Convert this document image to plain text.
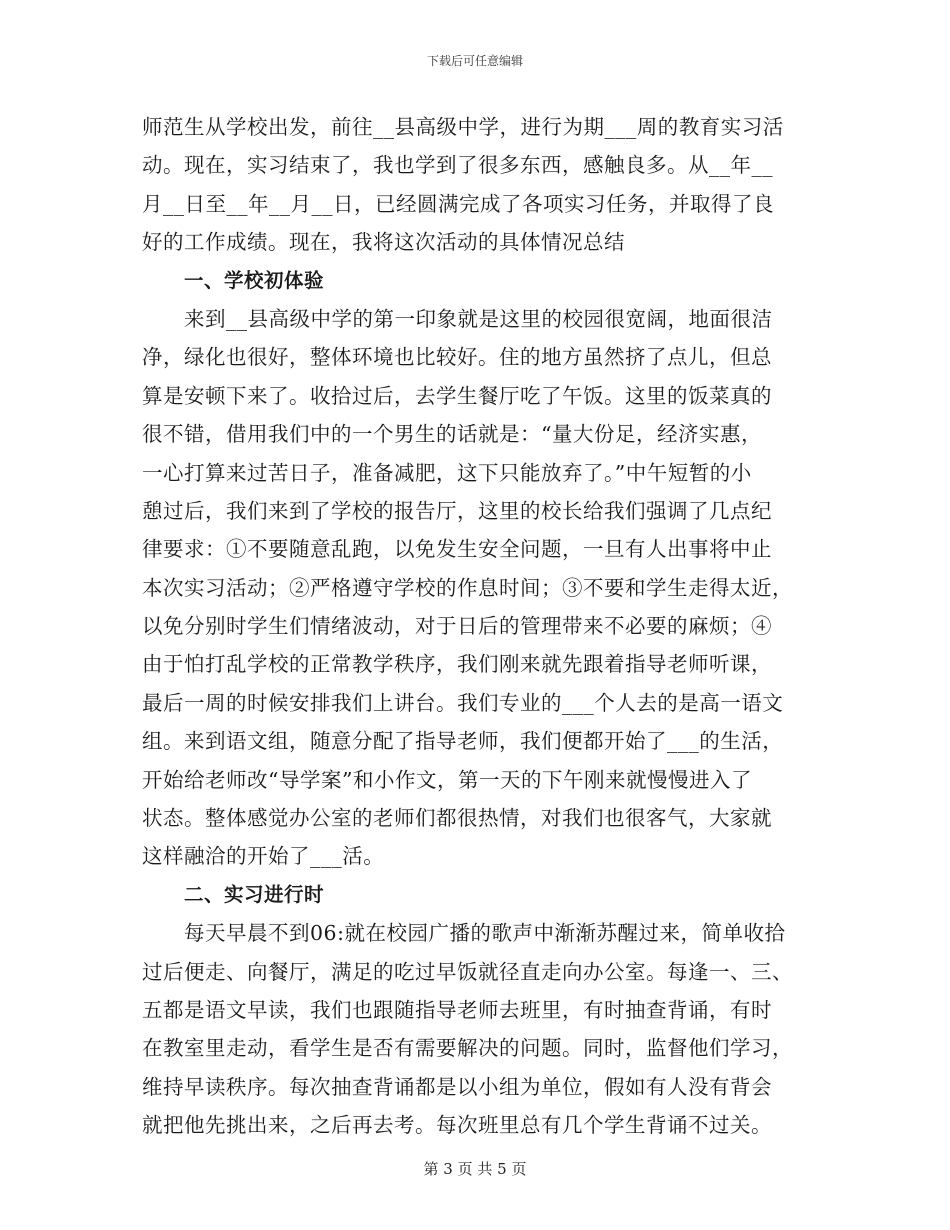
下载后可任意编辑
师范生从学校出发，前往__县高级中学，进行为期___周的教育实习活
动。现在，实习结束了，我也学到了很多东西，感触良多。从__年__
月__日至__年__月__日，已经圆满完成了各项实习任务，并取得了良
好的工作成绩。现在，我将这次活动的具体情况总结
一、学校初体验
　　来到__县高级中学的第一印象就是这里的校园很宽阔，地面很洁
净，绿化也很好，整体环境也比较好。住的地方虽然挤了点儿，但总
算是安顿下来了。收拾过后，去学生餐厅吃了午饭。这里的饭菜真的
很不错，借用我们中的一个男生的话就是：“量大份足，经济实惠，
一心打算来过苦日子，准备减肥，这下只能放弃了。”中午短暂的小
憩过后，我们来到了学校的报告厅，这里的校长给我们强调了几点纪
律要求：①不要随意乱跑，以免发生安全问题，一旦有人出事将中止
本次实习活动；②严格遵守学校的作息时间；③不要和学生走得太近，
以免分别时学生们情绪波动，对于日后的管理带来不必要的麻烦；④
由于怕打乱学校的正常教学秩序，我们刚来就先跟着指导老师听课，
最后一周的时候安排我们上讲台。我们专业的___个人去的是高一语文
组。来到语文组，随意分配了指导老师，我们便都开始了___的生活，
开始给老师改“导学案”和小作文，第一天的下午刚来就慢慢进入了
状态。整体感觉办公室的老师们都很热情，对我们也很客气，大家就
这样融洽的开始了___活。
二、实习进行时
　　每天早晨不到06:就在校园广播的歌声中渐渐苏醒过来，简单收拾
过后便走、向餐厅，满足的吃过早饭就径直走向办公室。每逢一、三、
五都是语文早读，我们也跟随指导老师去班里，有时抽查背诵，有时
在教室里走动，看学生是否有需要解决的问题。同时，监督他们学习，
维持早读秩序。每次抽查背诵都是以小组为单位，假如有人没有背会
就把他先挑出来，之后再去考。每次班里总有几个学生背诵不过关。
第 3 页 共 5 页
